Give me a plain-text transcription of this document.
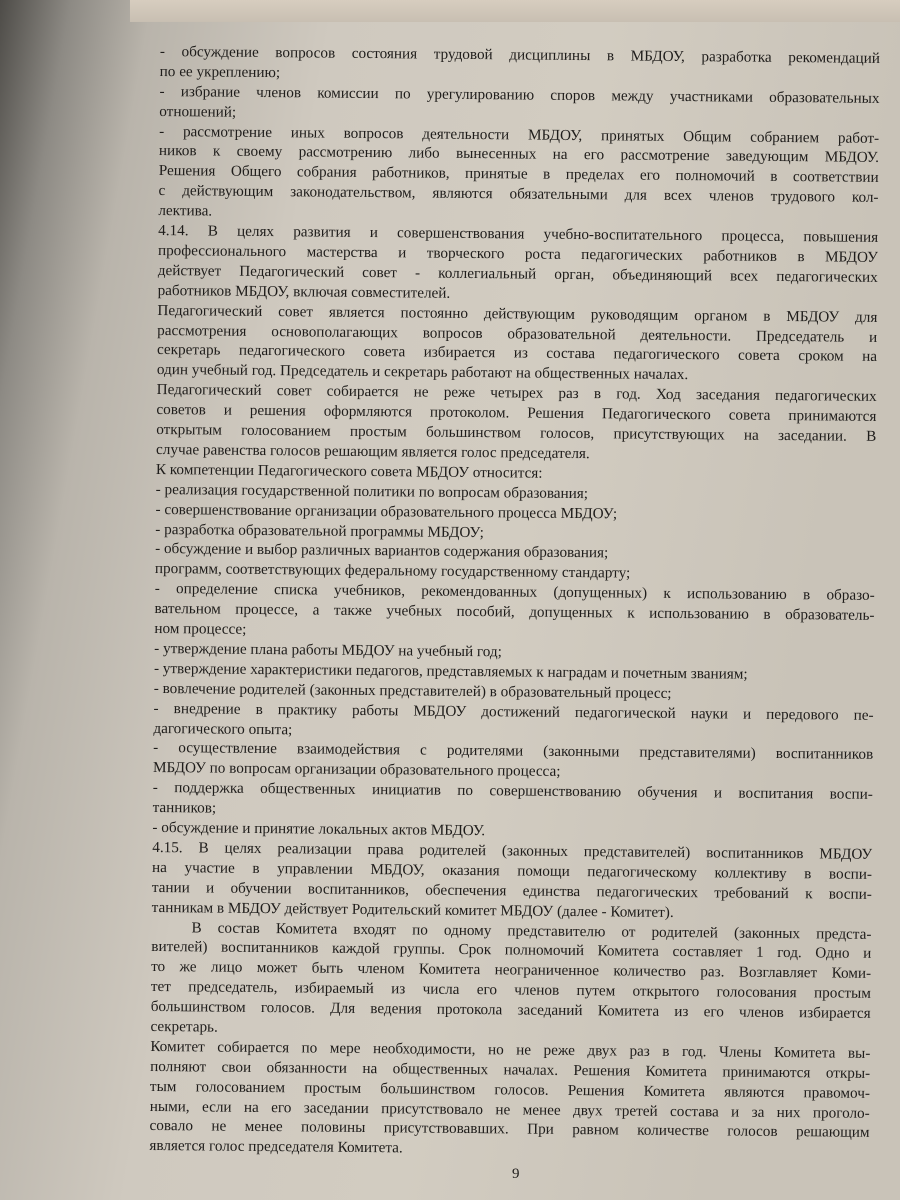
- обсуждение вопросов состояния трудовой дисциплины в МБДОУ, разработка рекомендаций
по ее укреплению;
- избрание членов комиссии по урегулированию споров между участниками образовательных
отношений;
- рассмотрение иных вопросов деятельности МБДОУ, принятых Общим собранием работ-
ников к своему рассмотрению либо вынесенных на его рассмотрение заведующим МБДОУ.
Решения Общего собрания работников, принятые в пределах его полномочий в соответствии
с действующим законодательством, являются обязательными для всех членов трудового кол-
лектива.
4.14. В целях развития и совершенствования учебно-воспитательного процесса, повышения
профессионального мастерства и творческого роста педагогических работников в МБДОУ
действует Педагогический совет - коллегиальный орган, объединяющий всех педагогических
работников МБДОУ, включая совместителей.
Педагогический совет является постоянно действующим руководящим органом в МБДОУ для
рассмотрения основополагающих вопросов образовательной деятельности. Председатель и
секретарь педагогического совета избирается из состава педагогического совета сроком на
один учебный год. Председатель и секретарь работают на общественных началах.
Педагогический совет собирается не реже четырех раз в год. Ход заседания педагогических
советов и решения оформляются протоколом. Решения Педагогического совета принимаются
открытым голосованием простым большинством голосов, присутствующих на заседании. В
случае равенства голосов решающим является голос председателя.
К компетенции Педагогического совета МБДОУ относится:
- реализация государственной политики по вопросам образования;
- совершенствование организации образовательного процесса МБДОУ;
- разработка образовательной программы МБДОУ;
- обсуждение и выбор различных вариантов содержания образования;
программ, соответствующих федеральному государственному стандарту;
- определение списка учебников, рекомендованных (допущенных) к использованию в образо-
вательном процессе, а также учебных пособий, допущенных к использованию в образователь-
ном процессе;
- утверждение плана работы МБДОУ на учебный год;
- утверждение характеристики педагогов, представляемых к наградам и почетным званиям;
- вовлечение родителей (законных представителей) в образовательный процесс;
- внедрение в практику работы МБДОУ достижений педагогической науки и передового пе-
дагогического опыта;
- осуществление взаимодействия с родителями (законными представителями) воспитанников
МБДОУ по вопросам организации образовательного процесса;
- поддержка общественных инициатив по совершенствованию обучения и воспитания воспи-
танников;
- обсуждение и принятие локальных актов МБДОУ.
4.15. В целях реализации права родителей (законных представителей) воспитанников МБДОУ
на участие в управлении МБДОУ, оказания помощи педагогическому коллективу в воспи-
тании и обучении воспитанников, обеспечения единства педагогических требований к воспи-
танникам в МБДОУ действует Родительский комитет МБДОУ (далее - Комитет).
В состав Комитета входят по одному представителю от родителей (законных предста-
вителей) воспитанников каждой группы. Срок полномочий Комитета составляет 1 год. Одно и
то же лицо может быть членом Комитета неограниченное количество раз. Возглавляет Коми-
тет председатель, избираемый из числа его членов путем открытого голосования простым
большинством голосов. Для ведения протокола заседаний Комитета из его членов избирается
секретарь.
Комитет собирается по мере необходимости, но не реже двух раз в год. Члены Комитета вы-
полняют свои обязанности на общественных началах. Решения Комитета принимаются откры-
тым голосованием простым большинством голосов. Решения Комитета являются правомоч-
ными, если на его заседании присутствовало не менее двух третей состава и за них проголо-
совало не менее половины присутствовавших. При равном количестве голосов решающим
является голос председателя Комитета.
9
